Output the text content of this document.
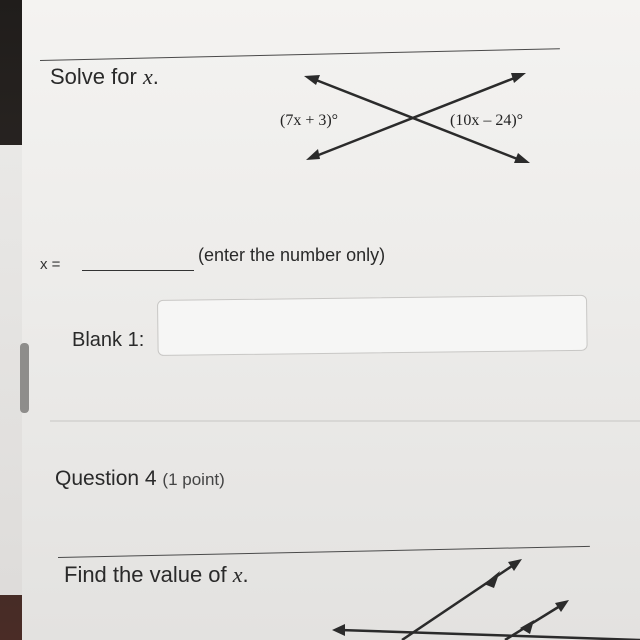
Solve for x.
(7x + 3)°	(10x – 24)°
x =	(enter the number only)
Blank 1:
Question 4 (1 point)
Find the value of x.
